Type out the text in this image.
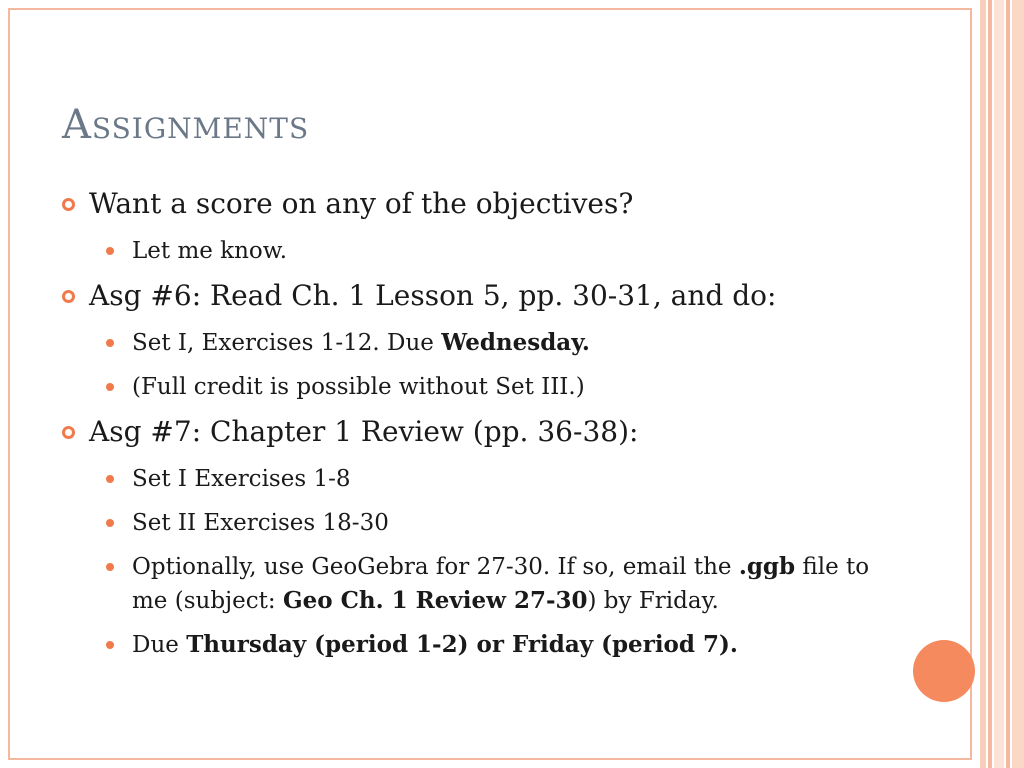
Assignments
Want a score on any of the objectives?
Let me know.
Asg #6: Read Ch. 1 Lesson 5, pp. 30-31, and do:
Set I, Exercises 1-12. Due Wednesday.
(Full credit is possible without Set III.)
Asg #7: Chapter 1 Review (pp. 36-38):
Set I Exercises 1-8
Set II Exercises 18-30
Optionally, use GeoGebra for 27-30. If so, email the .ggb file to me (subject: Geo Ch. 1 Review 27-30) by Friday.
Due Thursday (period 1-2) or Friday (period 7).
